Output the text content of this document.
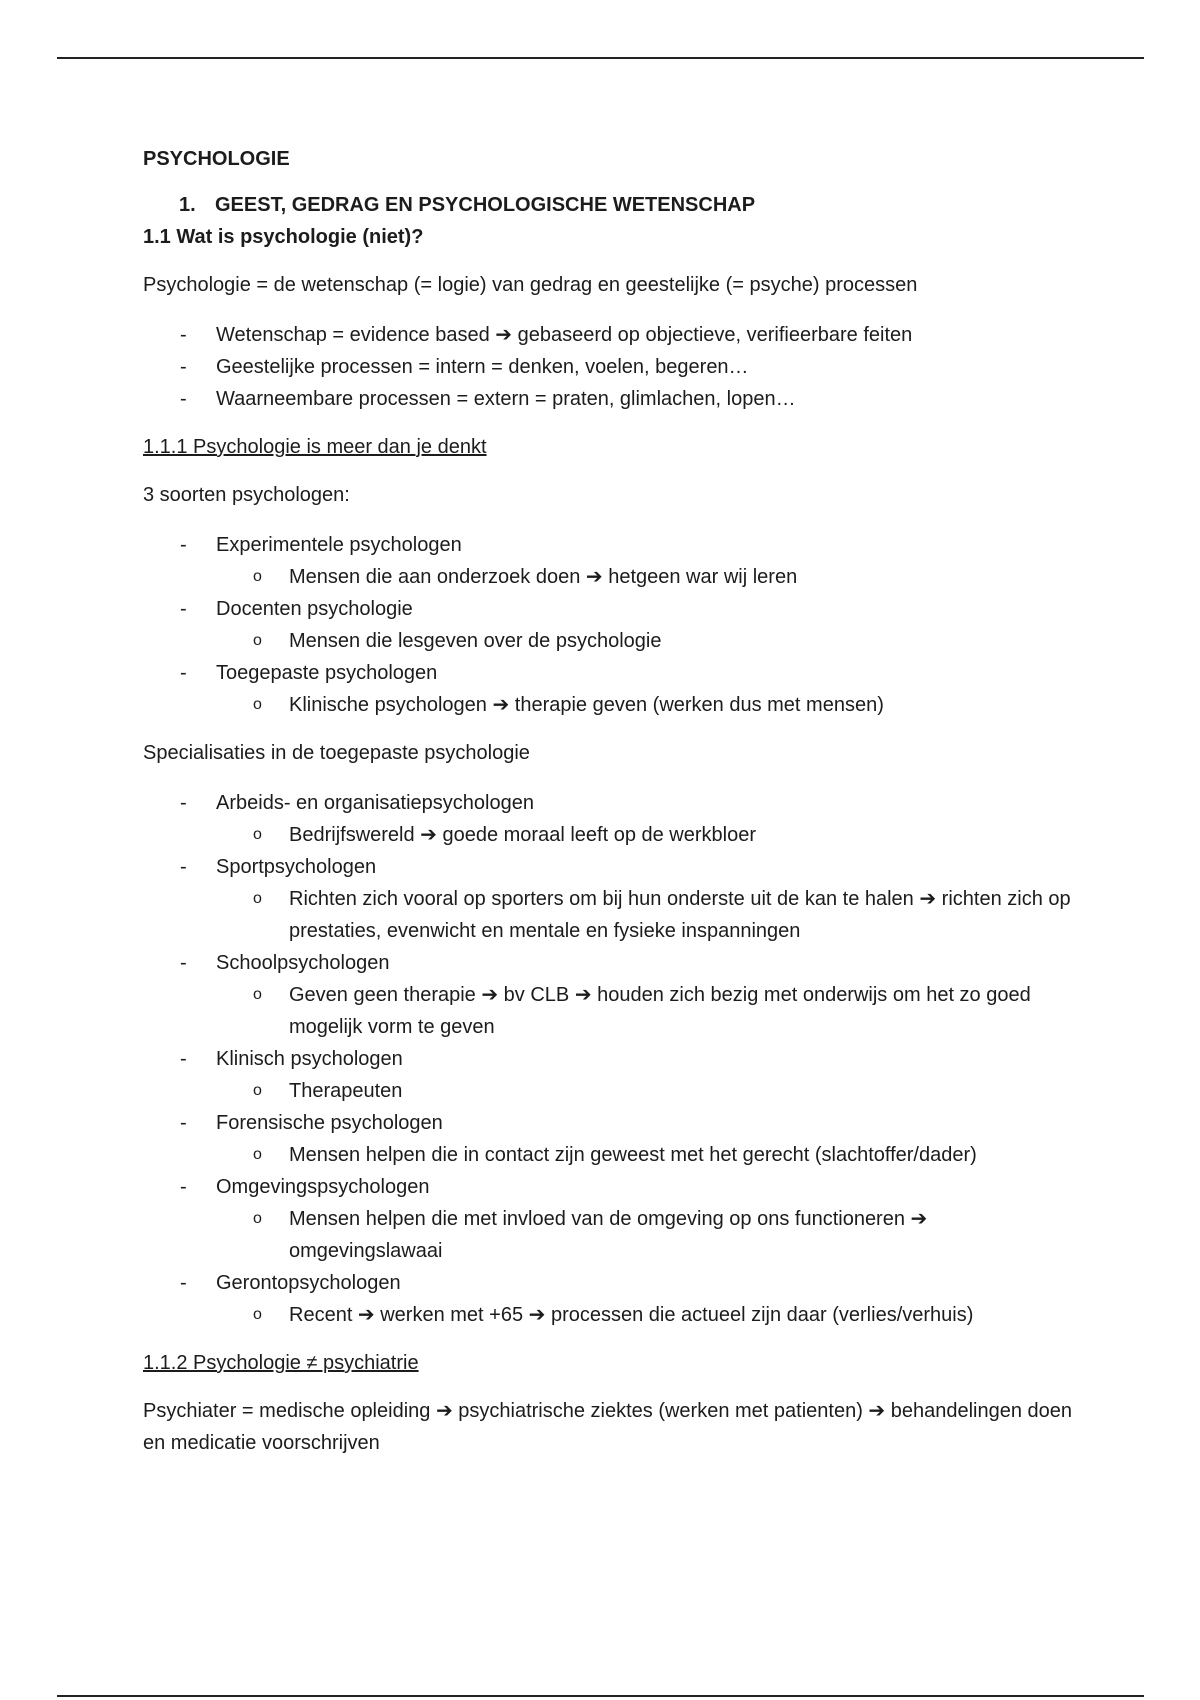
PSYCHOLOGIE
1. GEEST, GEDRAG EN PSYCHOLOGISCHE WETENSCHAP
1.1 Wat is psychologie (niet)?

Psychologie = de wetenschap (= logie) van gedrag en geestelijke (= psyche) processen

- Wetenschap = evidence based ➔ gebaseerd op objectieve, verifieerbare feiten
- Geestelijke processen = intern = denken, voelen, begeren…
- Waarneembare processen = extern = praten, glimlachen, lopen…

1.1.1 Psychologie is meer dan je denkt

3 soorten psychologen:

- Experimentele psychologen
o Mensen die aan onderzoek doen ➔ hetgeen war wij leren
- Docenten psychologie
o Mensen die lesgeven over de psychologie
- Toegepaste psychologen
o Klinische psychologen ➔ therapie geven (werken dus met mensen)

Specialisaties in de toegepaste psychologie

- Arbeids- en organisatiepsychologen
o Bedrijfswereld ➔ goede moraal leeft op de werkbloer
- Sportpsychologen
o Richten zich vooral op sporters om bij hun onderste uit de kan te halen ➔ richten zich op prestaties, evenwicht en mentale en fysieke inspanningen
- Schoolpsychologen
o Geven geen therapie ➔ bv CLB ➔ houden zich bezig met onderwijs om het zo goed mogelijk vorm te geven
- Klinisch psychologen
o Therapeuten
- Forensische psychologen
o Mensen helpen die in contact zijn geweest met het gerecht (slachtoffer/dader)
- Omgevingspsychologen
o Mensen helpen die met invloed van de omgeving op ons functioneren ➔ omgevingslawaai
- Gerontopsychologen
o Recent ➔ werken met +65 ➔ processen die actueel zijn daar (verlies/verhuis)

1.1.2 Psychologie ≠ psychiatrie

Psychiater = medische opleiding ➔ psychiatrische ziektes (werken met patienten) ➔ behandelingen doen en medicatie voorschrijven
